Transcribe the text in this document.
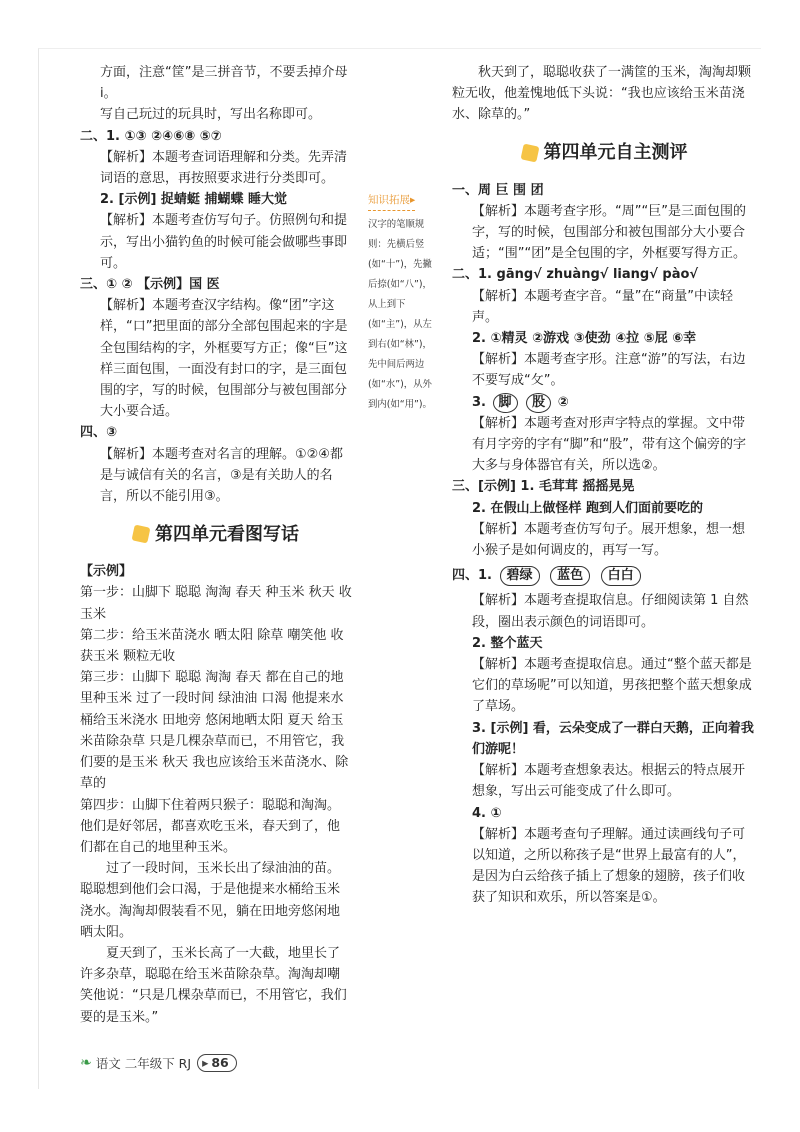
方面，注意“筐”是三拼音节，不要丢掉介母 i。

写自己玩过的玩具时，写出名称即可。

二、1. ①③ ②④⑥⑧ ⑤⑦

【解析】本题考查词语理解和分类。先弄清词语的意思，再按照要求进行分类即可。

2. [示例] 捉蜻蜓 捕蝴蝶 睡大觉

【解析】本题考查仿写句子。仿照例句和提示，写出小猫钓鱼的时候可能会做哪些事即可。

三、① ② 【示例】国 医

【解析】本题考查汉字结构。像“团”字这样，“口”把里面的部分全部包围起来的字是全包围结构的字，外框要写方正；像“巨”这样三面包围，一面没有封口的字，是三面包围的字，写的时候，包围部分与被包围部分大小要合适。

四、③

【解析】本题考查对名言的理解。①②④都是与诚信有关的名言，③是有关助人的名言，所以不能引用③。

第四单元看图写话

【示例】

第一步：山脚下 聪聪 淘淘 春天 种玉米 秋天 收玉米

第二步：给玉米苗浇水 晒太阳 除草 嘲笑他 收获玉米 颗粒无收

第三步：山脚下 聪聪 淘淘 春天 都在自己的地里种玉米 过了一段时间 绿油油 口渴 他提来水桶给玉米浇水 田地旁 悠闲地晒太阳 夏天 给玉米苗除杂草 只是几棵杂草而已，不用管它，我们要的是玉米 秋天 我也应该给玉米苗浇水、除草的

第四步：山脚下住着两只猴子：聪聪和淘淘。他们是好邻居，都喜欢吃玉米，春天到了，他们都在自己的地里种玉米。

过了一段时间，玉米长出了绿油油的苗。聪聪想到他们会口渴，于是他提来水桶给玉米浇水。淘淘却假装看不见，躺在田地旁悠闲地晒太阳。

夏天到了，玉米长高了一大截，地里长了许多杂草，聪聪在给玉米苗除杂草。淘淘却嘲笑他说：“只是几棵杂草而已，不用管它，我们要的是玉米。”

知识拓展▸
汉字的笔顺规则：先横后竖(如“十”)，先撇后捺(如“八”)，从上到下(如“主”)，从左到右(如“林”)，先中间后两边(如“水”)，从外到内(如“用”)。

秋天到了，聪聪收获了一满筐的玉米，淘淘却颗粒无收，他羞愧地低下头说：“我也应该给玉米苗浇水、除草的。”

第四单元自主测评

一、周 巨 围 团

【解析】本题考查字形。“周”“巨”是三面包围的字，写的时候，包围部分和被包围部分大小要合适；“围”“团”是全包围的字，外框要写得方正。

二、1. gāng√ zhuàng√ liang√ pào√

【解析】本题考查字音。“量”在“商量”中读轻声。

2. ①精灵 ②游戏 ③使劲 ④拉 ⑤屁 ⑥幸

【解析】本题考查字形。注意“游”的写法，右边不要写成“攵”。

3. 脚 股 ②

【解析】本题考查对形声字特点的掌握。文中带有月字旁的字有“脚”和“股”，带有这个偏旁的字大多与身体器官有关，所以选②。

三、[示例] 1. 毛茸茸 摇摇晃晃

2. 在假山上做怪样 跑到人们面前要吃的

【解析】本题考查仿写句子。展开想象，想一想小猴子是如何调皮的，再写一写。

四、1. 碧绿 蓝色 白白

【解析】本题考查提取信息。仔细阅读第 1 自然段，圈出表示颜色的词语即可。

2. 整个蓝天

【解析】本题考查提取信息。通过“整个蓝天都是它们的草场呢”可以知道，男孩把整个蓝天想象成了草场。

3. [示例] 看，云朵变成了一群白天鹅，正向着我们游呢！

【解析】本题考查想象表达。根据云的特点展开想象，写出云可能变成了什么即可。

4. ①

【解析】本题考查句子理解。通过读画线句子可以知道，之所以称孩子是“世界上最富有的人”，是因为白云给孩子插上了想象的翅膀，孩子们收获了知识和欢乐，所以答案是①。

❧ 语文 二年级下 RJ ▸ 86
